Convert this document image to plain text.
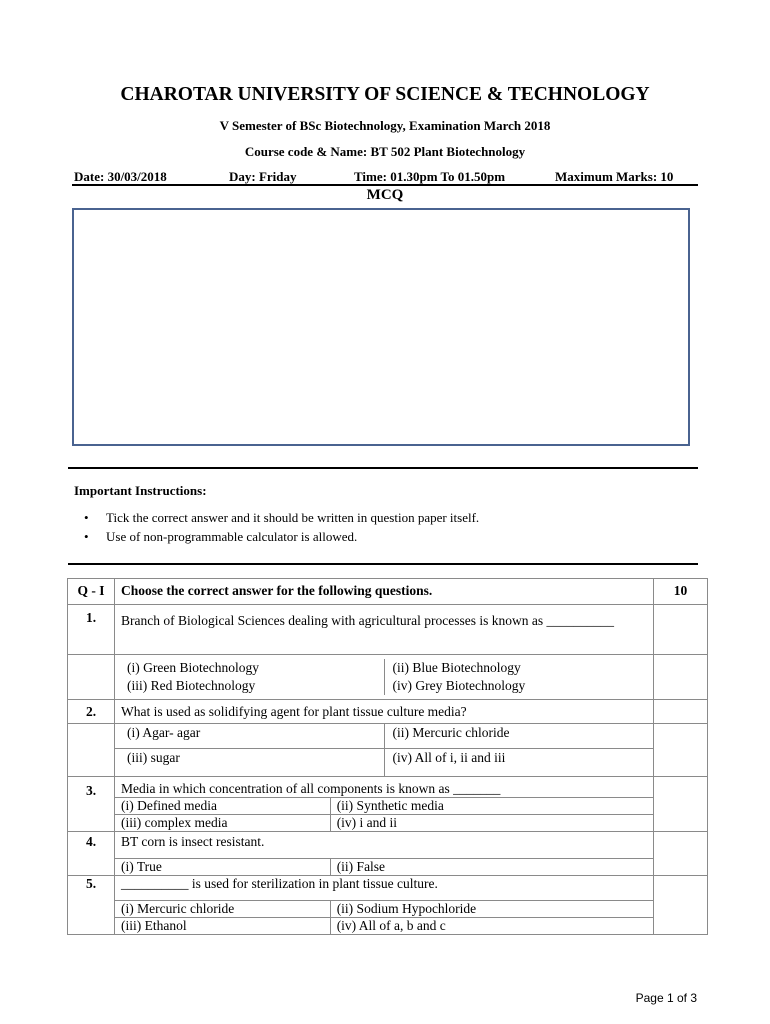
CHAROTAR UNIVERSITY OF SCIENCE & TECHNOLOGY
V Semester of BSc Biotechnology, Examination March 2018
Course code & Name: BT 502 Plant Biotechnology
Date: 30/03/2018	Day: Friday	Time: 01.30pm To 01.50pm	Maximum Marks: 10
MCQ
Important Instructions:
• Tick the correct answer and it should be written in question paper itself.
• Use of non-programmable calculator is allowed.
Q - I	Choose the correct answer for the following questions.	10
1.	Branch of Biological Sciences dealing with agricultural processes is known as __________	

(i) Green Biotechnology	(ii) Blue Biotechnology
(iii) Red Biotechnology	(iv) Grey Biotechnology

2.	What is used as solidifying agent for plant tissue culture media?	

(i) Agar- agar	(ii) Mercuric chloride
(iii) sugar	(iv) All of i, ii and iii

3.	Media in which concentration of all components is known as _______
(i) Defined media	(ii) Synthetic media
(iii) complex media	(iv) i and ii

4.	BT corn is insect resistant.
(i) True	(ii) False

5.	__________ is used for sterilization in plant tissue culture.
(i) Mercuric chloride	(ii) Sodium Hypochloride
(iii) Ethanol	(iv) All of a, b and c

Page 1 of 3
